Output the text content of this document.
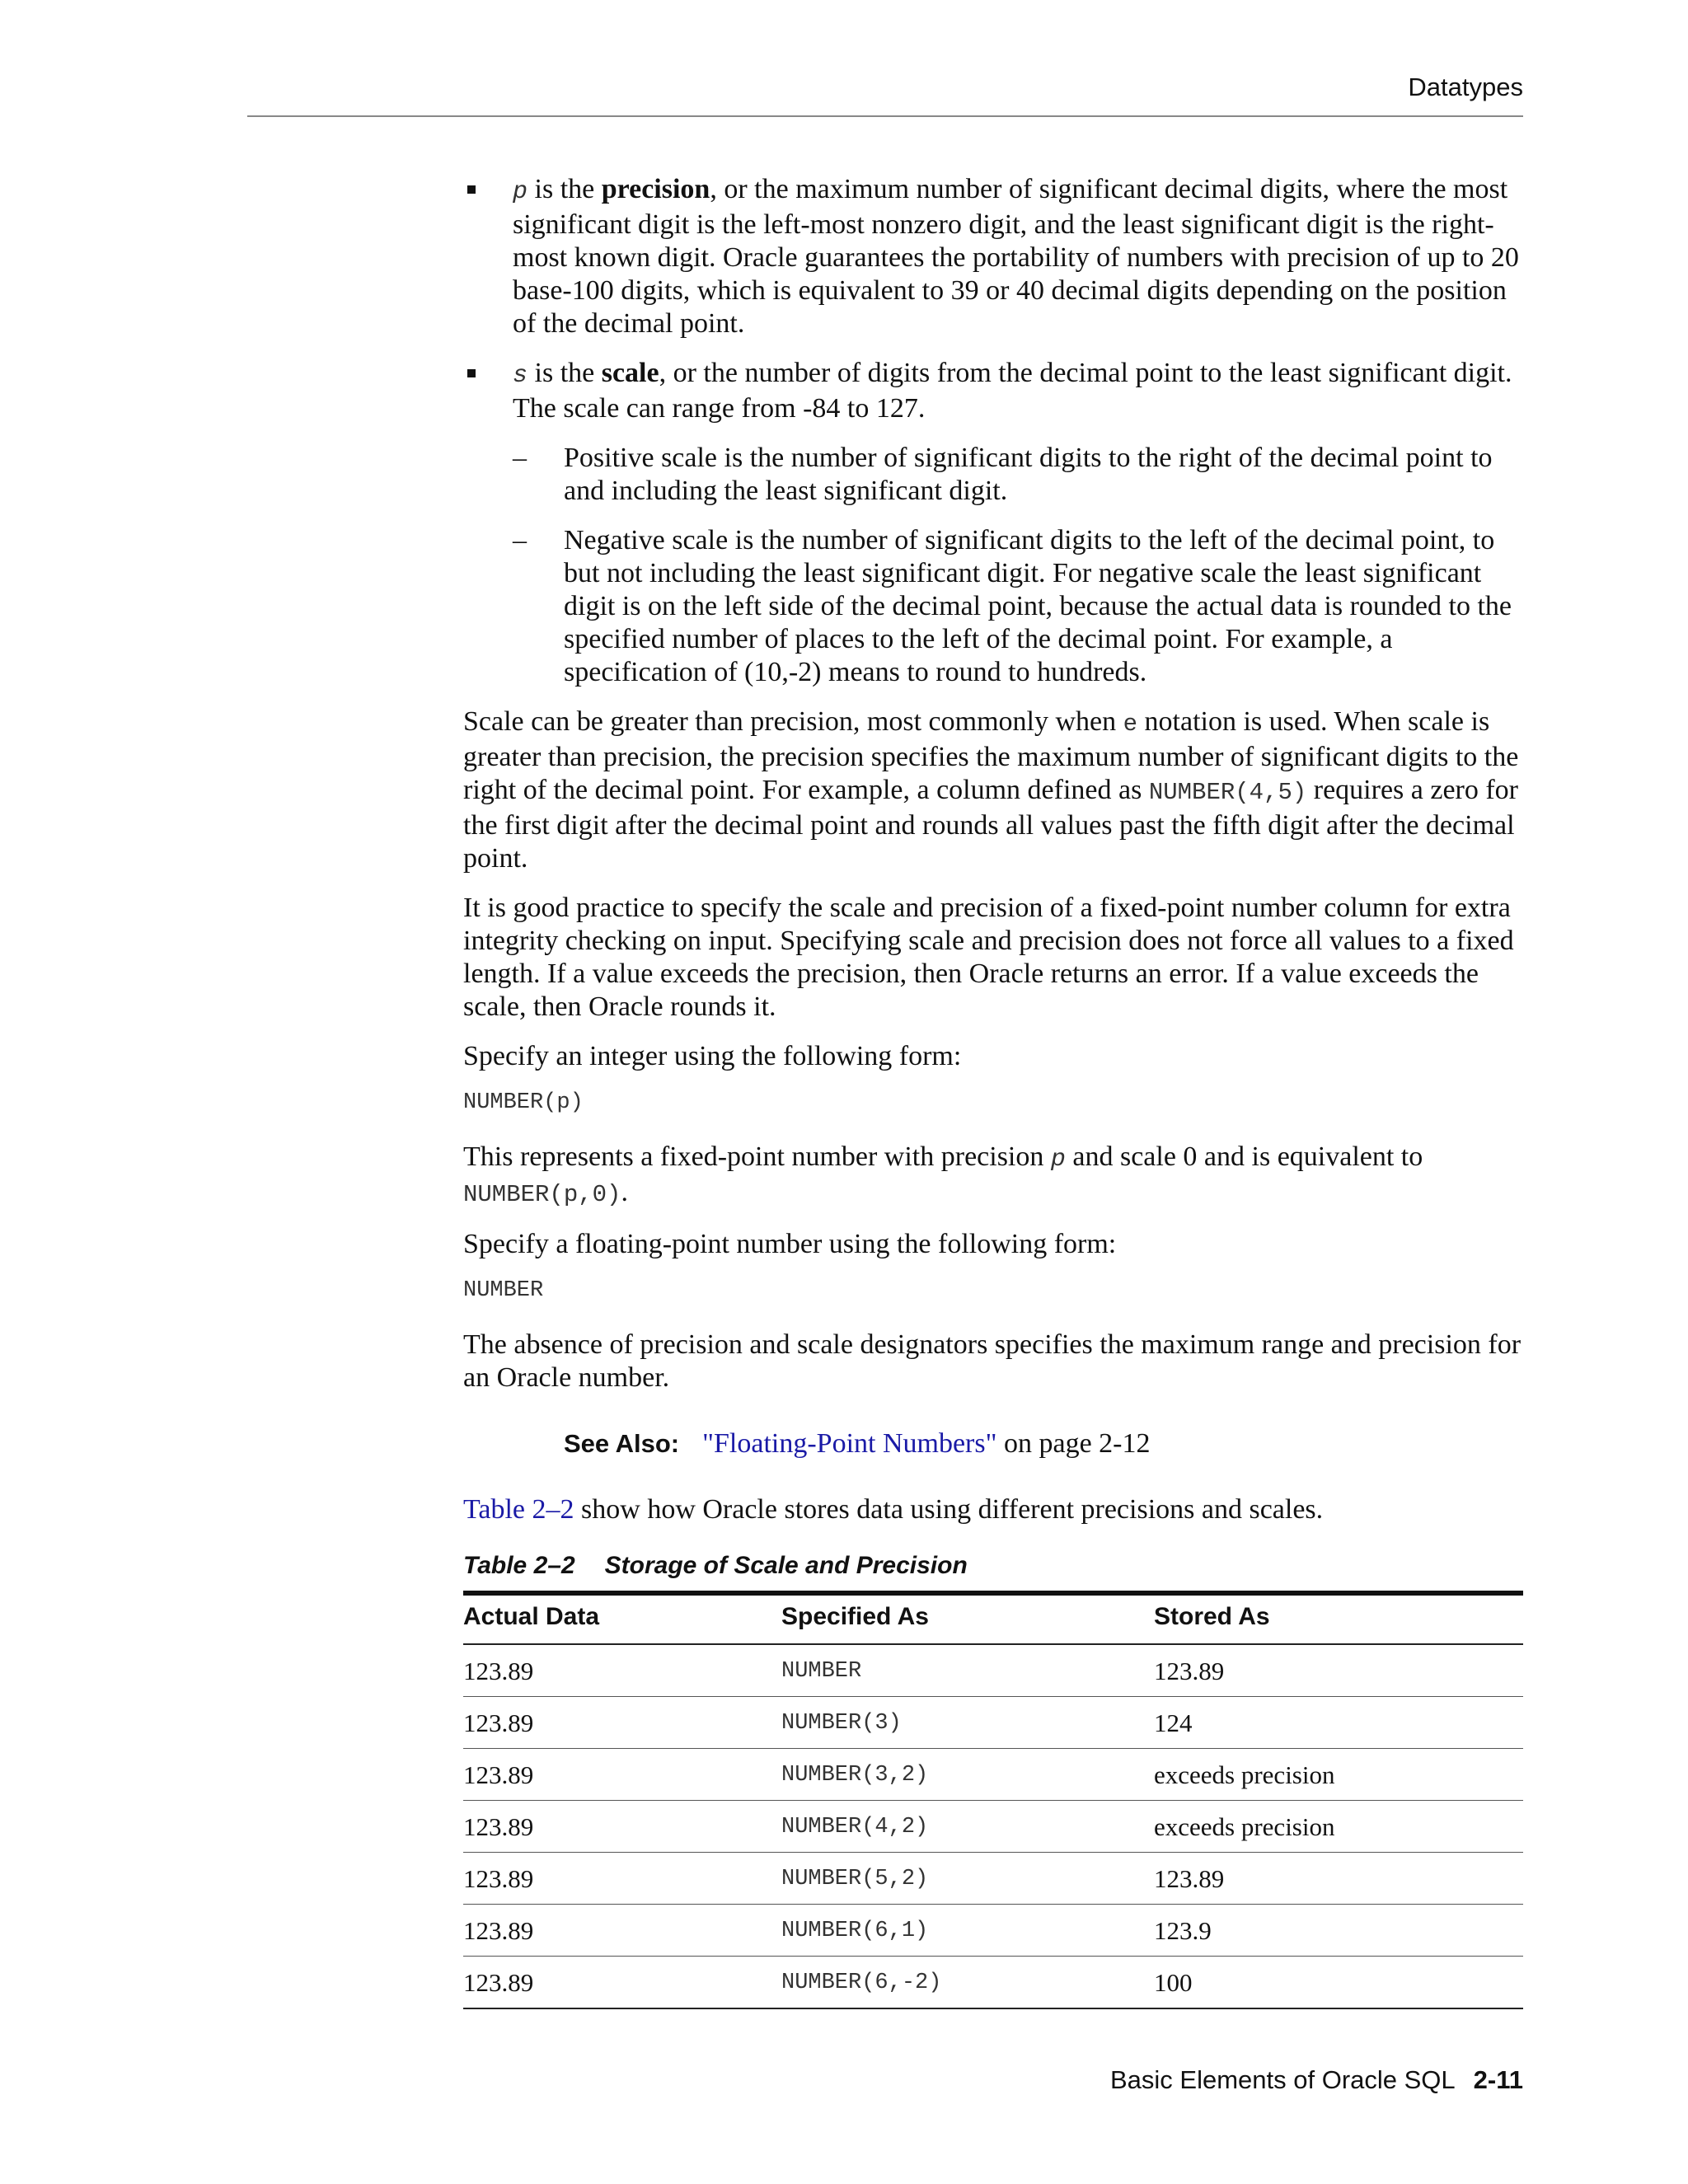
Datatypes
p is the precision, or the maximum number of significant decimal digits, where the most significant digit is the left-most nonzero digit, and the least significant digit is the right-most known digit. Oracle guarantees the portability of numbers with precision of up to 20 base-100 digits, which is equivalent to 39 or 40 decimal digits depending on the position of the decimal point.
s is the scale, or the number of digits from the decimal point to the least significant digit. The scale can range from -84 to 127.
– Positive scale is the number of significant digits to the right of the decimal point to and including the least significant digit.
– Negative scale is the number of significant digits to the left of the decimal point, to but not including the least significant digit. For negative scale the least significant digit is on the left side of the decimal point, because the actual data is rounded to the specified number of places to the left of the decimal point. For example, a specification of (10,-2) means to round to hundreds.

Scale can be greater than precision, most commonly when e notation is used. When scale is greater than precision, the precision specifies the maximum number of significant digits to the right of the decimal point. For example, a column defined as NUMBER(4,5) requires a zero for the first digit after the decimal point and rounds all values past the fifth digit after the decimal point.

It is good practice to specify the scale and precision of a fixed-point number column for extra integrity checking on input. Specifying scale and precision does not force all values to a fixed length. If a value exceeds the precision, then Oracle returns an error. If a value exceeds the scale, then Oracle rounds it.

Specify an integer using the following form:

NUMBER(p)

This represents a fixed-point number with precision p and scale 0 and is equivalent to NUMBER(p,0).

Specify a floating-point number using the following form:

NUMBER

The absence of precision and scale designators specifies the maximum range and precision for an Oracle number.

See Also: "Floating-Point Numbers" on page 2-12

Table 2–2 show how Oracle stores data using different precisions and scales.

Table 2–2 Storage of Scale and Precision
Actual Data	Specified As	Stored As
123.89	NUMBER	123.89
123.89	NUMBER(3)	124
123.89	NUMBER(3,2)	exceeds precision
123.89	NUMBER(4,2)	exceeds precision
123.89	NUMBER(5,2)	123.89
123.89	NUMBER(6,1)	123.9
123.89	NUMBER(6,-2)	100
Basic Elements of Oracle SQL 2-11
